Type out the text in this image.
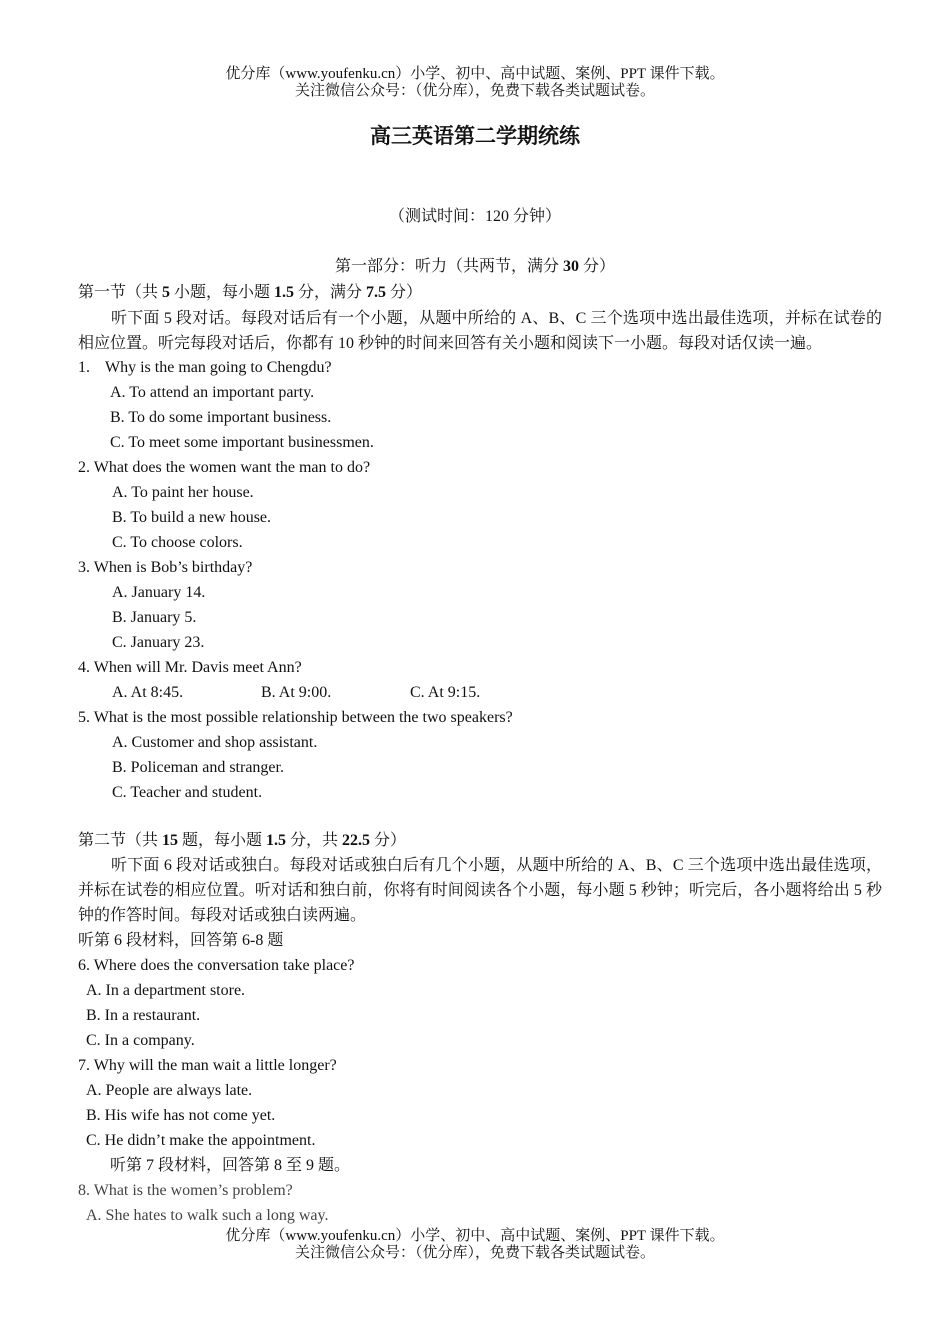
优分库（www.youfenku.cn）小学、初中、高中试题、案例、PPT 课件下载。
关注微信公众号：（优分库），免费下载各类试题试卷。
高三英语第二学期统练
（测试时间：120 分钟）
第一部分：听力（共两节，满分 30 分）
第一节（共 5 小题，每小题 1.5 分，满分 7.5 分）
听下面 5 段对话。每段对话后有一个小题，从题中所给的 A、B、C 三个选项中选出最佳选项，并标在试卷的相应位置。听完每段对话后，你都有 10 秒钟的时间来回答有关小题和阅读下一小题。每段对话仅读一遍。
1. Why is the man going to Chengdu?
A. To attend an important party.
B. To do some important business.
C. To meet some important businessmen.
2. What does the women want the man to do?
A. To paint her house.
B. To build a new house.
C. To choose colors.
3. When is Bob’s birthday?
A. January 14.
B. January 5.
C. January 23.
4. When will Mr. Davis meet Ann?
A. At 8:45.	B. At 9:00.	C. At 9:15.
5. What is the most possible relationship between the two speakers?
A. Customer and shop assistant.
B. Policeman and stranger.
C. Teacher and student.
第二节（共 15 题，每小题 1.5 分，共 22.5 分）
听下面 6 段对话或独白。每段对话或独白后有几个小题，从题中所给的 A、B、C 三个选项中选出最佳选项，并标在试卷的相应位置。听对话和独白前，你将有时间阅读各个小题，每小题 5 秒钟；听完后，各小题将给出 5 秒钟的作答时间。每段对话或独白读两遍。
听第 6 段材料，回答第 6-8 题
6. Where does the conversation take place?
A. In a department store.
B. In a restaurant.
C. In a company.
7. Why will the man wait a little longer?
A. People are always late.
B. His wife has not come yet.
C. He didn’t make the appointment.
听第 7 段材料，回答第 8 至 9 题。
8. What is the women’s problem?
A. She hates to walk such a long way.
优分库（www.youfenku.cn）小学、初中、高中试题、案例、PPT 课件下载。
关注微信公众号：（优分库），免费下载各类试题试卷。
